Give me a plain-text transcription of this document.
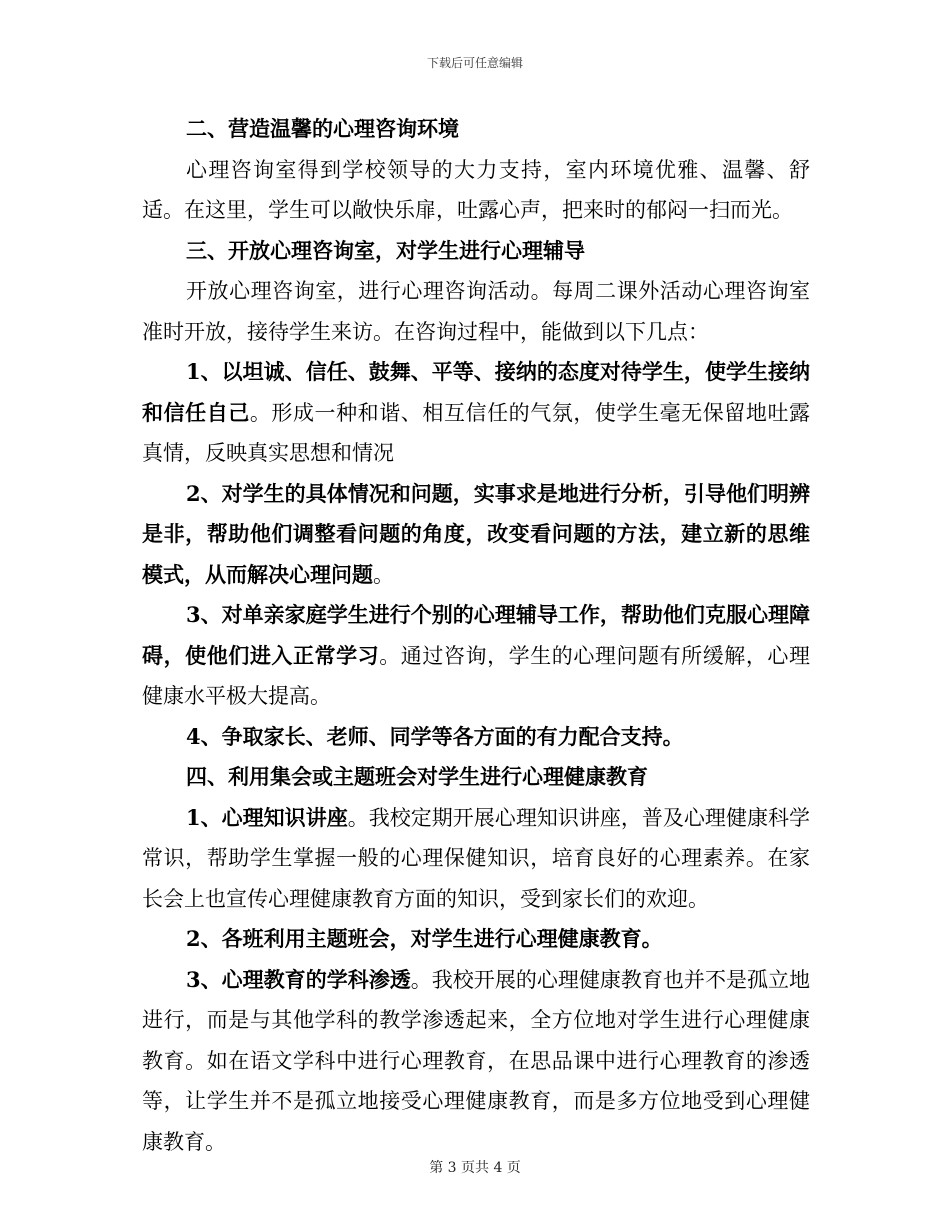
下载后可任意编辑

二、营造温馨的心理咨询环境

心理咨询室得到学校领导的大力支持，室内环境优雅、温馨、舒适。在这里，学生可以敞快乐扉，吐露心声，把来时的郁闷一扫而光。

三、开放心理咨询室，对学生进行心理辅导

开放心理咨询室，进行心理咨询活动。每周二课外活动心理咨询室准时开放，接待学生来访。在咨询过程中，能做到以下几点：

1、以坦诚、信任、鼓舞、平等、接纳的态度对待学生，使学生接纳和信任自己。形成一种和谐、相互信任的气氛，使学生毫无保留地吐露真情，反映真实思想和情况

2、对学生的具体情况和问题，实事求是地进行分析，引导他们明辨是非，帮助他们调整看问题的角度，改变看问题的方法，建立新的思维模式，从而解决心理问题。

3、对单亲家庭学生进行个别的心理辅导工作，帮助他们克服心理障碍，使他们进入正常学习。通过咨询，学生的心理问题有所缓解，心理健康水平极大提高。

4、争取家长、老师、同学等各方面的有力配合支持。

四、利用集会或主题班会对学生进行心理健康教育

1、心理知识讲座。我校定期开展心理知识讲座，普及心理健康科学常识，帮助学生掌握一般的心理保健知识，培育良好的心理素养。在家长会上也宣传心理健康教育方面的知识，受到家长们的欢迎。

2、各班利用主题班会，对学生进行心理健康教育。

3、心理教育的学科渗透。我校开展的心理健康教育也并不是孤立地进行，而是与其他学科的教学渗透起来，全方位地对学生进行心理健康教育。如在语文学科中进行心理教育，在思品课中进行心理教育的渗透等，让学生并不是孤立地接受心理健康教育，而是多方位地受到心理健康教育。

第 3 页共 4 页
